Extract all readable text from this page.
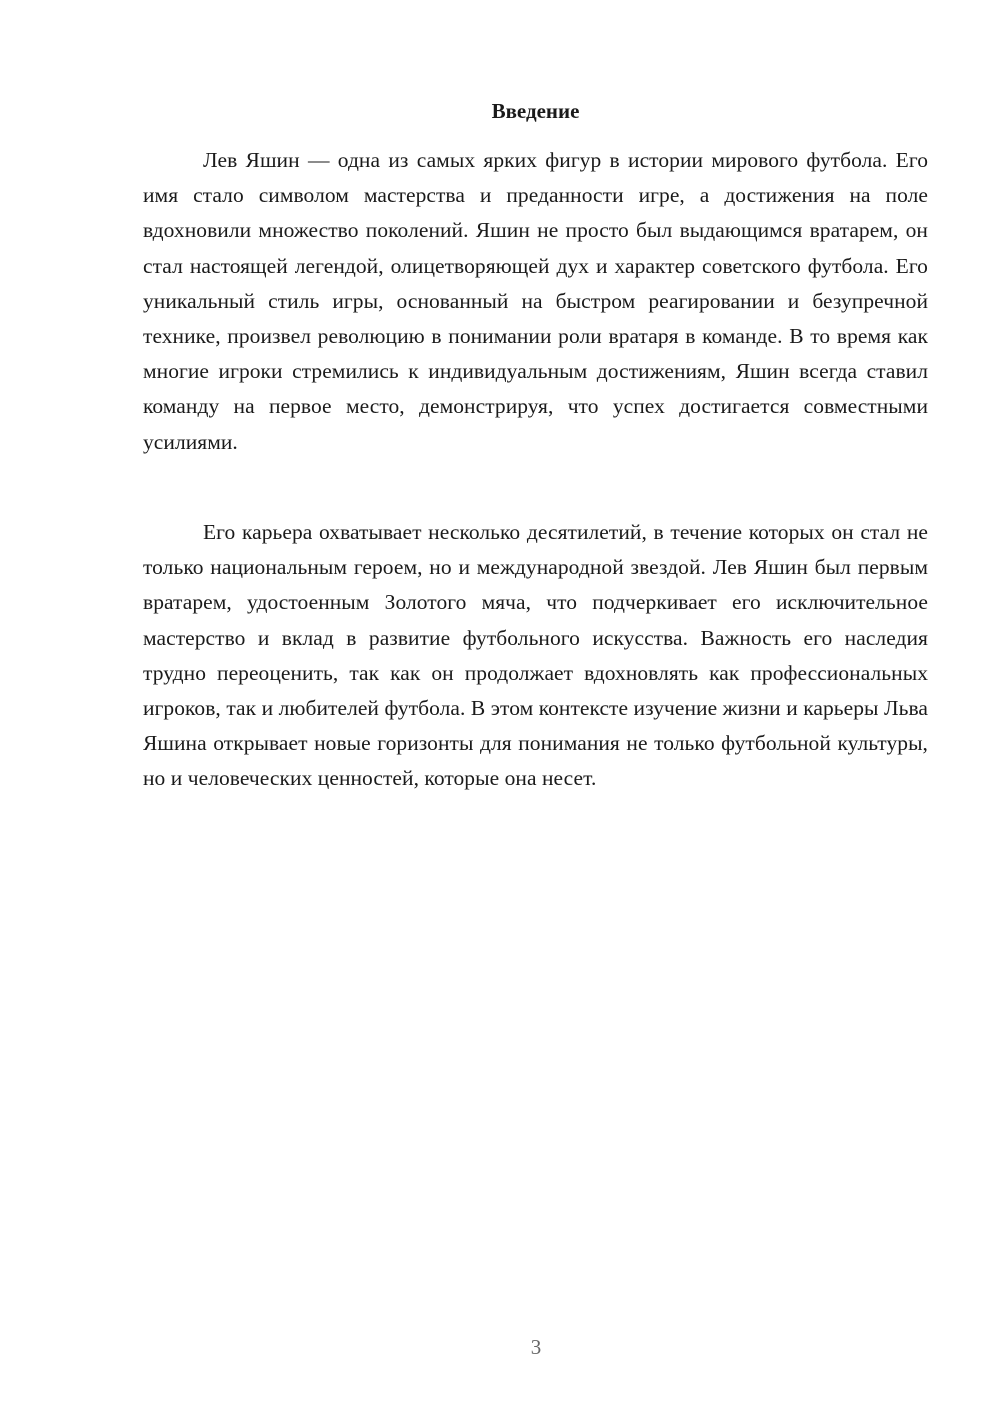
Введение

Лев Яшин — одна из самых ярких фигур в истории мирового футбола. Его имя стало символом мастерства и преданности игре, а достижения на поле вдохновили множество поколений. Яшин не просто был выдающимся вратарем, он стал настоящей легендой, олицетворяющей дух и характер советского футбола. Его уникальный стиль игры, основанный на быстром реагировании и безупречной технике, произвел революцию в понимании роли вратаря в команде. В то время как многие игроки стремились к индивидуальным достижениям, Яшин всегда ставил команду на первое место, демонстрируя, что успех достигается совместными усилиями.

Его карьера охватывает несколько десятилетий, в течение которых он стал не только национальным героем, но и международной звездой. Лев Яшин был первым вратарем, удостоенным Золотого мяча, что подчеркивает его исключительное мастерство и вклад в развитие футбольного искусства. Важность его наследия трудно переоценить, так как он продолжает вдохновлять как профессиональных игроков, так и любителей футбола. В этом контексте изучение жизни и карьеры Льва Яшина открывает новые горизонты для понимания не только футбольной культуры, но и человеческих ценностей, которые она несет.

3
